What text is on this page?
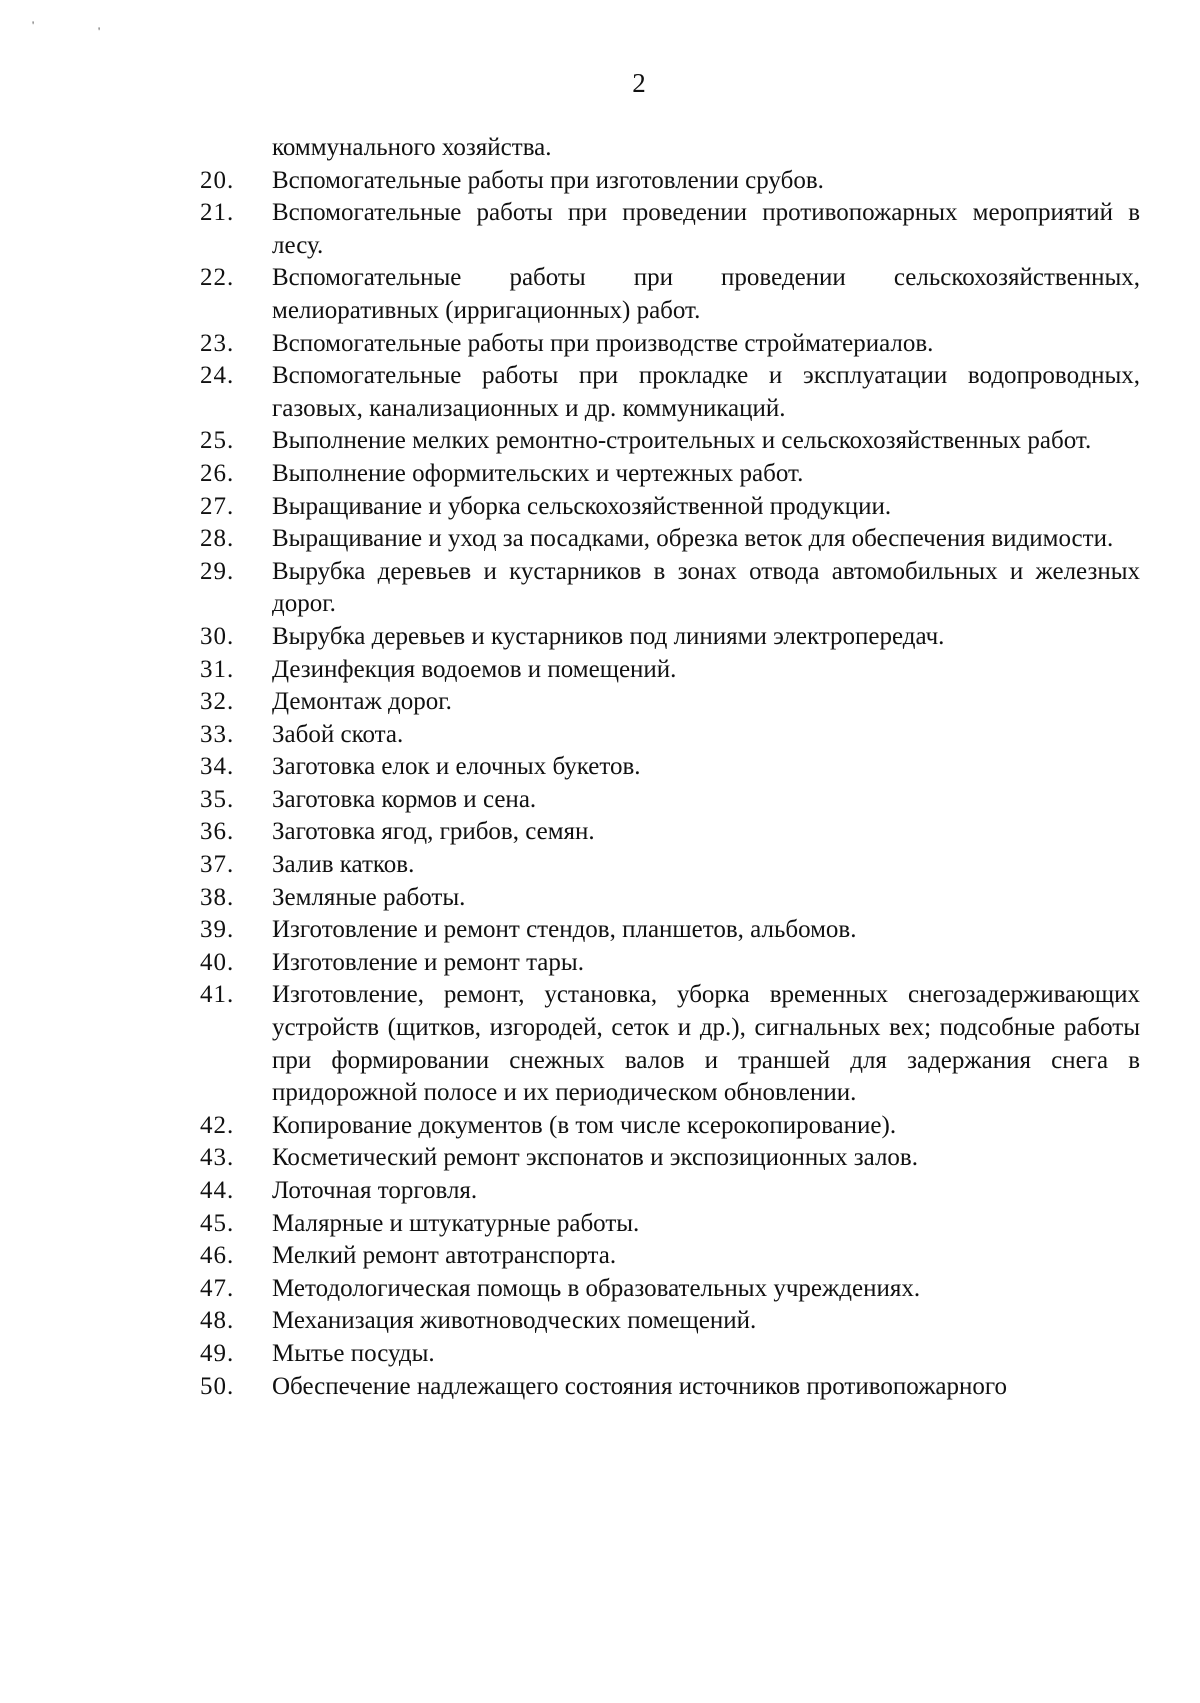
'	'
2
коммунального хозяйства.
20.	Вспомогательные работы при изготовлении срубов.
21.	Вспомогательные работы при проведении противопожарных мероприятий в лесу.
22.	Вспомогательные работы при проведении сельскохозяйственных, мелиоративных (ирригационных) работ.
23.	Вспомогательные работы при производстве стройматериалов.
24.	Вспомогательные работы при прокладке и эксплуатации водопроводных, газовых, канализационных и др. коммуникаций.
25.	Выполнение мелких ремонтно-строительных и сельскохозяйственных работ.
26.	Выполнение оформительских и чертежных работ.
27.	Выращивание и уборка сельскохозяйственной продукции.
28.	Выращивание и уход за посадками, обрезка веток для обеспечения видимости.
29.	Вырубка деревьев и кустарников в зонах отвода автомобильных и железных дорог.
30.	Вырубка деревьев и кустарников под линиями электропередач.
31.	Дезинфекция водоемов и помещений.
32.	Демонтаж дорог.
33.	Забой скота.
34.	Заготовка елок и елочных букетов.
35.	Заготовка кормов и сена.
36.	Заготовка ягод, грибов, семян.
37.	Залив катков.
38.	Земляные работы.
39.	Изготовление и ремонт стендов, планшетов, альбомов.
40.	Изготовление и ремонт тары.
41.	Изготовление, ремонт, установка, уборка временных снегозадерживающих устройств (щитков, изгородей, сеток и др.), сигнальных вех; подсобные работы при формировании снежных валов и траншей для задержания снега в придорожной полосе и их периодическом обновлении.
42.	Копирование документов (в том числе ксерокопирование).
43.	Косметический ремонт экспонатов и экспозиционных залов.
44.	Лоточная торговля.
45.	Малярные и штукатурные работы.
46.	Мелкий ремонт автотранспорта.
47.	Методологическая помощь в образовательных учреждениях.
48.	Механизация животноводческих помещений.
49.	Мытье посуды.
50.	Обеспечение надлежащего состояния источников противопожарного
